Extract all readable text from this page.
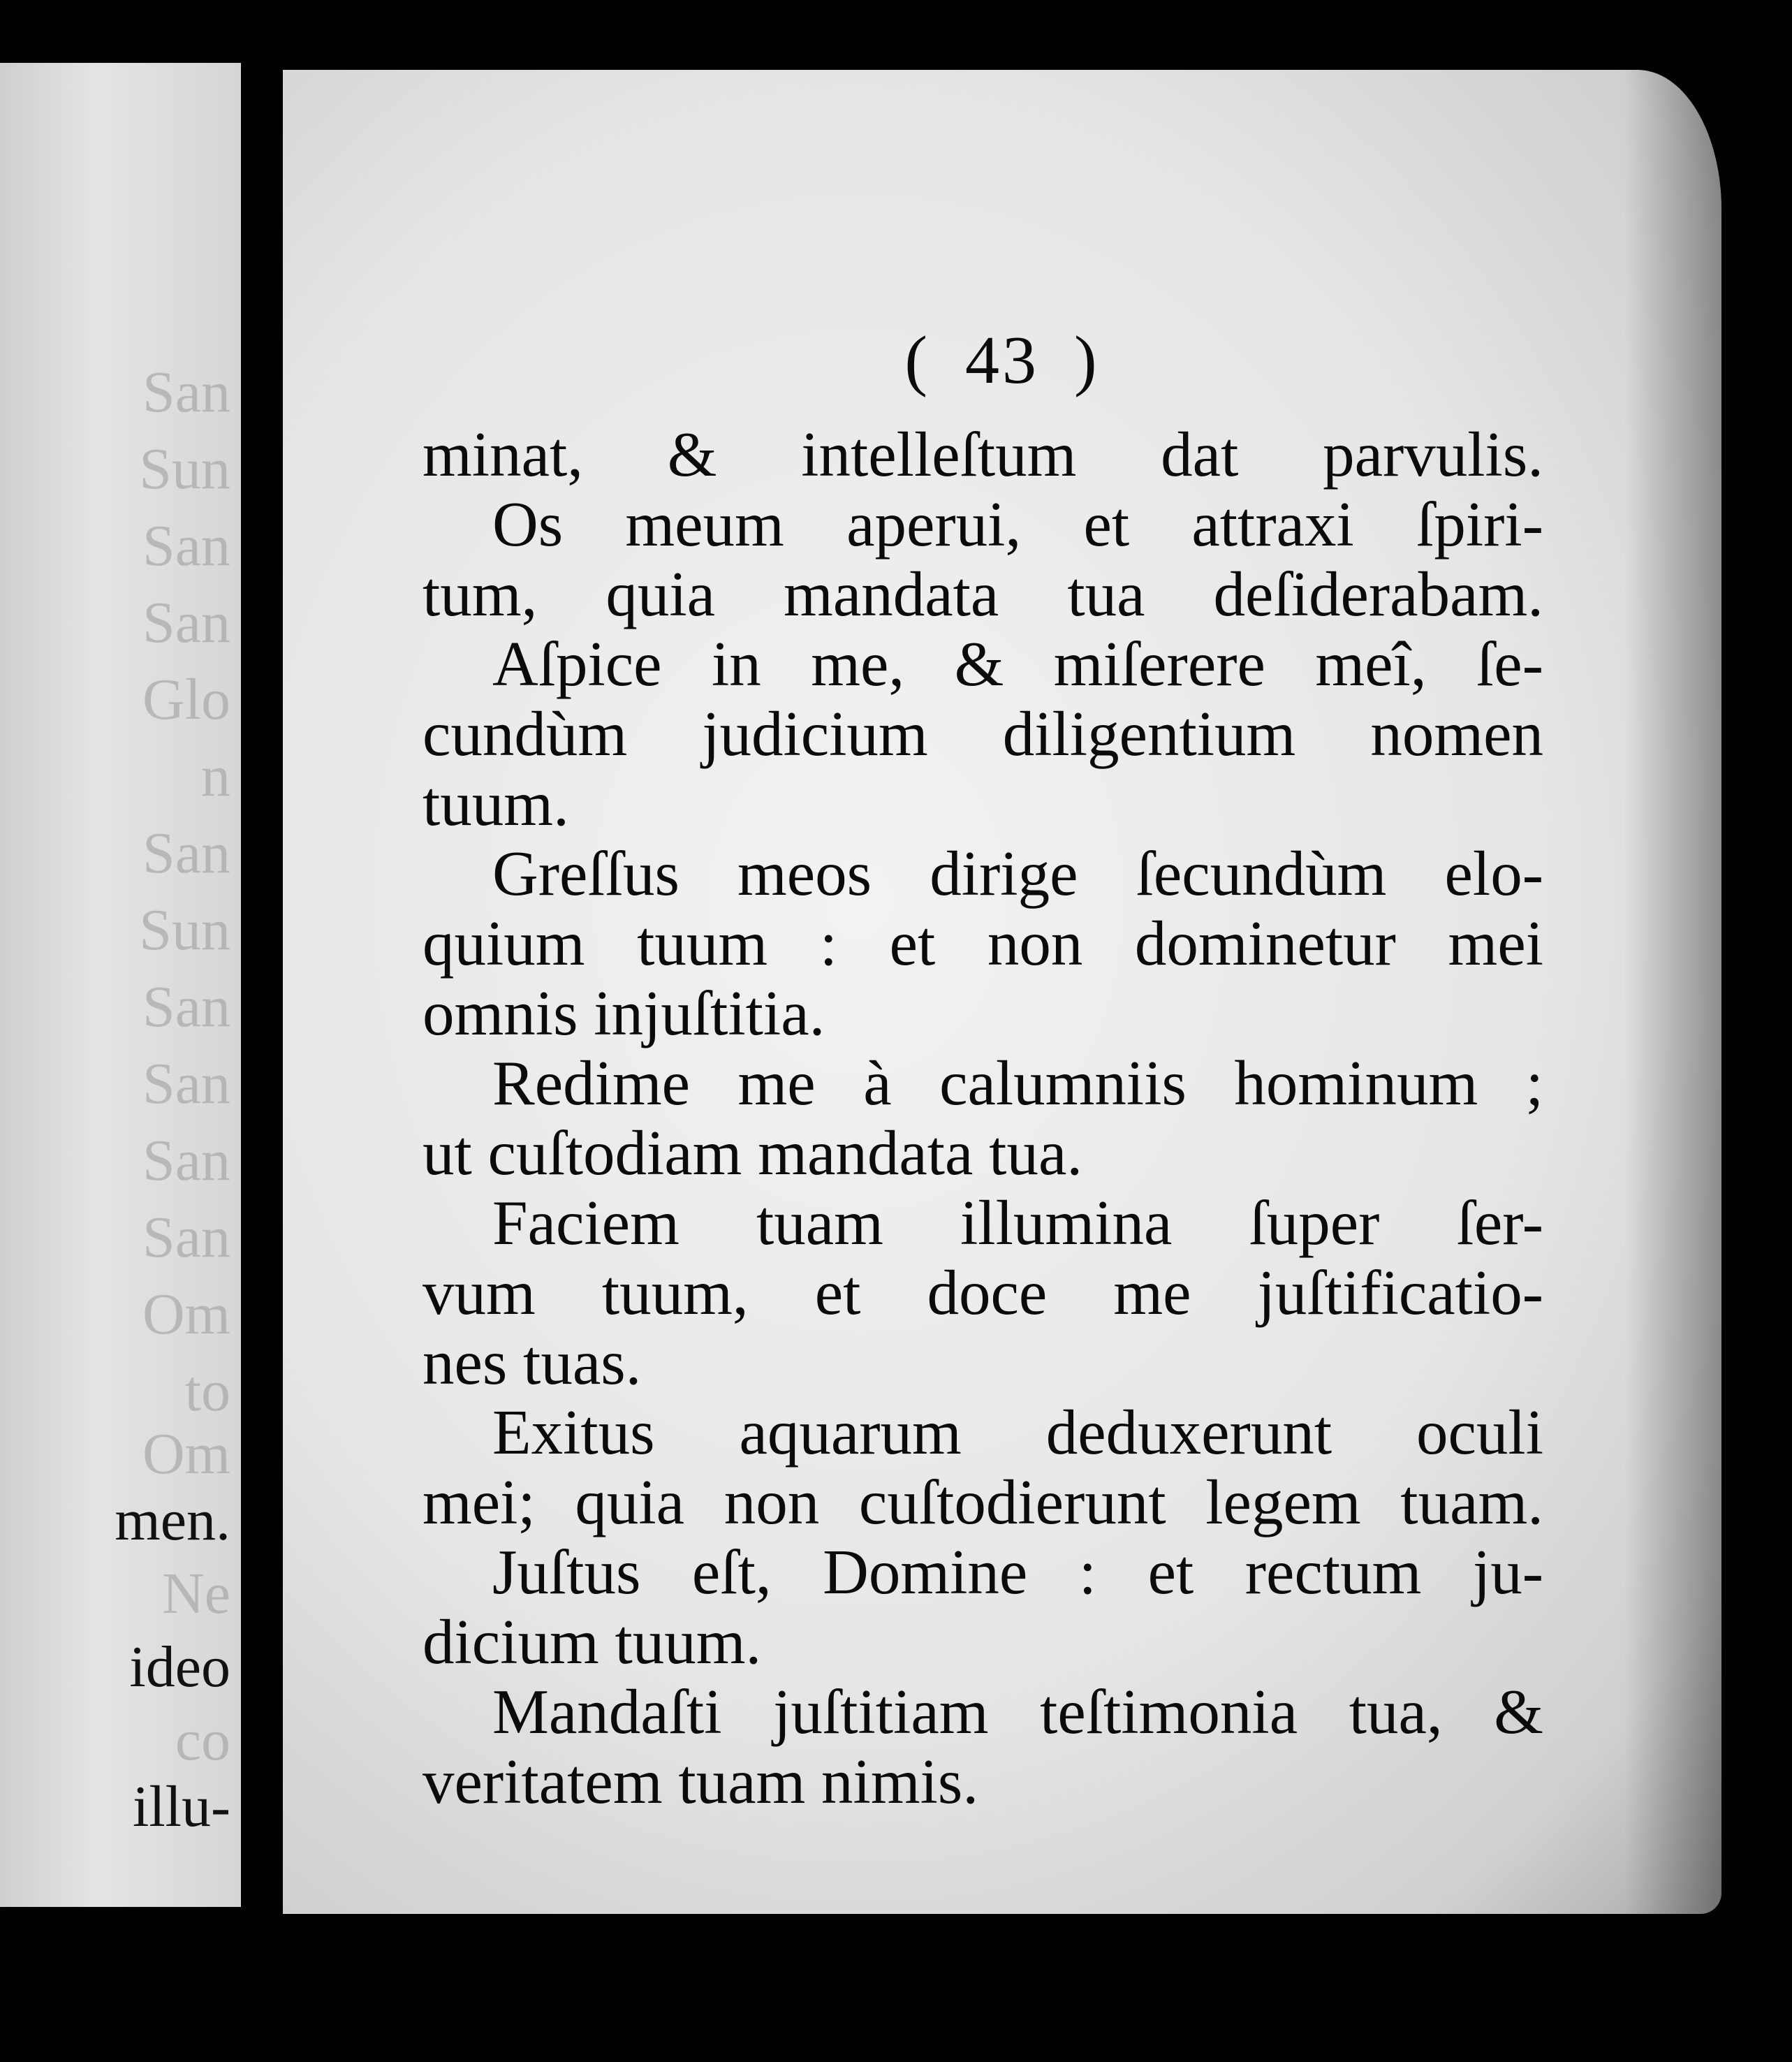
San
Sun
San
San
Glo
n
San
Sun
San
San
San
San
Om
to
Om
men.
Ne
ideo
co
illu-
( 43 )
minat, & intelleſtum dat parvulis.
Os meum aperui, et attraxi ſpiri-
tum, quia mandata tua deſiderabam.
Aſpice in me, & miſerere meî, ſe-
cundùm judicium diligentium nomen
tuum.
Greſſus meos dirige ſecundùm elo-
quium tuum : et non dominetur mei
omnis injuſtitia.
Redime me à calumniis hominum ;
ut cuſtodiam mandata tua.
Faciem tuam illumina ſuper ſer-
vum tuum, et doce me juſtificatio-
nes tuas.
Exitus aquarum deduxerunt oculi
mei; quia non cuſtodierunt legem tuam.
Juſtus eſt, Domine : et rectum ju-
dicium tuum.
Mandaſti juſtitiam teſtimonia tua, &
veritatem tuam nimis.
